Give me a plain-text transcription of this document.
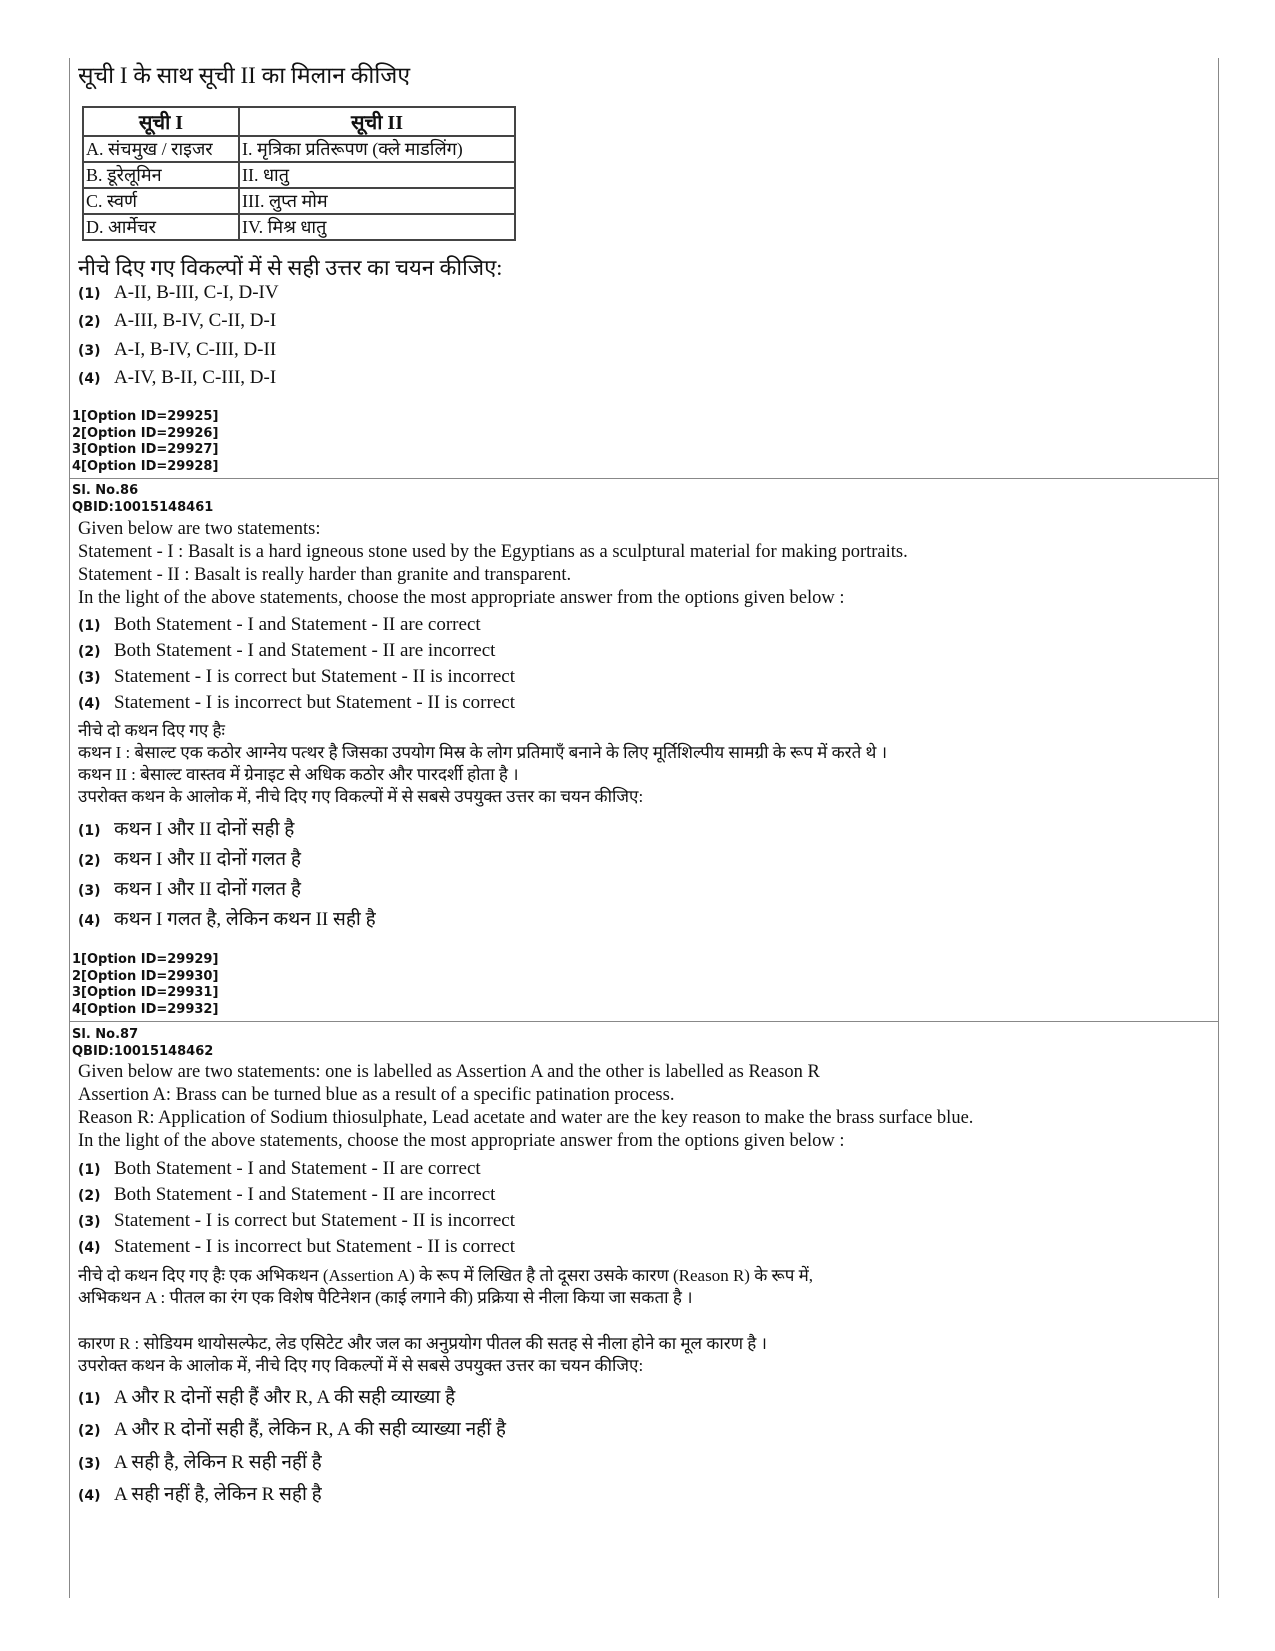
सूची I के साथ सूची II का मिलान कीजिए
सूची I	सूची II
A. संचमुख / राइजर	I. मृत्रिका प्रतिरूपण (क्ले माडलिंग)
B. डूरेलूमिन	II. धातु
C. स्वर्ण	III. लुप्त मोम
D. आर्मेचर	IV. मिश्र धातु
नीचे दिए गए विकल्पों में से सही उत्तर का चयन कीजिए:
(1) A-II, B-III, C-I, D-IV
(2) A-III, B-IV, C-II, D-I
(3) A-I, B-IV, C-III, D-II
(4) A-IV, B-II, C-III, D-I
1[Option ID=29925]
2[Option ID=29926]
3[Option ID=29927]
4[Option ID=29928]
Sl. No.86
QBID:10015148461
Given below are two statements:
Statement - I : Basalt is a hard igneous stone used by the Egyptians as a sculptural material for making portraits.
Statement - II : Basalt is really harder than granite and transparent.
In the light of the above statements, choose the most appropriate answer from the options given below :
(1) Both Statement - I and Statement - II are correct
(2) Both Statement - I and Statement - II are incorrect
(3) Statement - I is correct but Statement - II is incorrect
(4) Statement - I is incorrect but Statement - II is correct
नीचे दो कथन दिए गए हैः
कथन I : बेसाल्ट एक कठोर आग्नेय पत्थर है जिसका उपयोग मिस्र के लोग प्रतिमाएँ बनाने के लिए मूर्तिशिल्पीय सामग्री के रूप में करते थे ।
कथन II : बेसाल्ट वास्तव में ग्रेनाइट से अधिक कठोर और पारदर्शी होता है ।
उपरोक्त कथन के आलोक में, नीचे दिए गए विकल्पों में से सबसे उपयुक्त उत्तर का चयन कीजिए:
(1) कथन I और II दोनों सही है
(2) कथन I और II दोनों गलत है
(3) कथन I और II दोनों गलत है
(4) कथन I गलत है, लेकिन कथन II सही है
1[Option ID=29929]
2[Option ID=29930]
3[Option ID=29931]
4[Option ID=29932]
Sl. No.87
QBID:10015148462
Given below are two statements: one is labelled as Assertion A and the other is labelled as Reason R
Assertion A: Brass can be turned blue as a result of a specific patination process.
Reason R: Application of Sodium thiosulphate, Lead acetate and water are the key reason to make the brass surface blue.
In the light of the above statements, choose the most appropriate answer from the options given below :
(1) Both Statement - I and Statement - II are correct
(2) Both Statement - I and Statement - II are incorrect
(3) Statement - I is correct but Statement - II is incorrect
(4) Statement - I is incorrect but Statement - II is correct
नीचे दो कथन दिए गए हैः एक अभिकथन (Assertion A) के रूप में लिखित है तो दूसरा उसके कारण (Reason R) के रूप में,
अभिकथन A : पीतल का रंग एक विशेष पैटिनेशन (काई लगाने की) प्रक्रिया से नीला किया जा सकता है ।
कारण R : सोडियम थायोसल्फेट, लेड एसिटेट और जल का अनुप्रयोग पीतल की सतह से नीला होने का मूल कारण है ।
उपरोक्त कथन के आलोक में, नीचे दिए गए विकल्पों में से सबसे उपयुक्त उत्तर का चयन कीजिए:
(1) A और R दोनों सही हैं और R, A की सही व्याख्या है
(2) A और R दोनों सही हैं, लेकिन R, A की सही व्याख्या नहीं है
(3) A सही है, लेकिन R सही नहीं है
(4) A सही नहीं है, लेकिन R सही है
